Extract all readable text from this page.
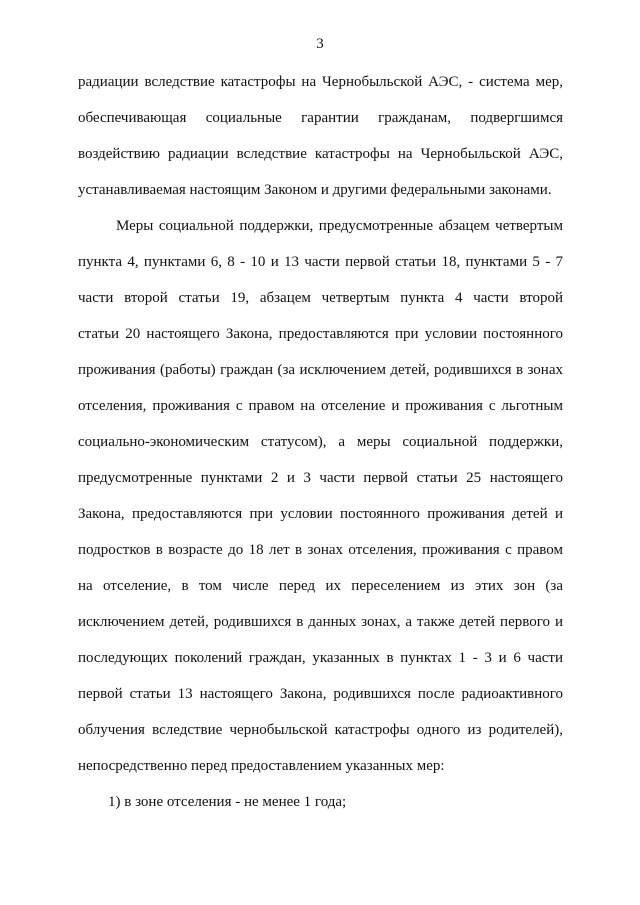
3

радиации вследствие катастрофы на Чернобыльской АЭС, - система мер,
обеспечивающая социальные гарантии гражданам, подвергшимся
воздействию радиации вследствие катастрофы на Чернобыльской АЭС,
устанавливаемая настоящим Законом и другими федеральными законами.

Меры социальной поддержки, предусмотренные абзацем четвертым
пункта 4, пунктами 6, 8 - 10 и 13 части первой статьи 18, пунктами 5 - 7
части второй статьи 19, абзацем четвертым пункта 4 части второй
статьи 20 настоящего Закона, предоставляются при условии постоянного
проживания (работы) граждан (за исключением детей, родившихся в зонах
отселения, проживания с правом на отселение и проживания с льготным
социально-экономическим статусом), а меры социальной поддержки,
предусмотренные пунктами 2 и 3 части первой статьи 25 настоящего
Закона, предоставляются при условии постоянного проживания детей и
подростков в возрасте до 18 лет в зонах отселения, проживания с правом
на отселение, в том числе перед их переселением из этих зон (за
исключением детей, родившихся в данных зонах, а также детей первого и
последующих поколений граждан, указанных в пунктах 1 - 3 и 6 части
первой статьи 13 настоящего Закона, родившихся после радиоактивного
облучения вследствие чернобыльской катастрофы одного из родителей),
непосредственно перед предоставлением указанных мер:

1) в зоне отселения - не менее 1 года;
